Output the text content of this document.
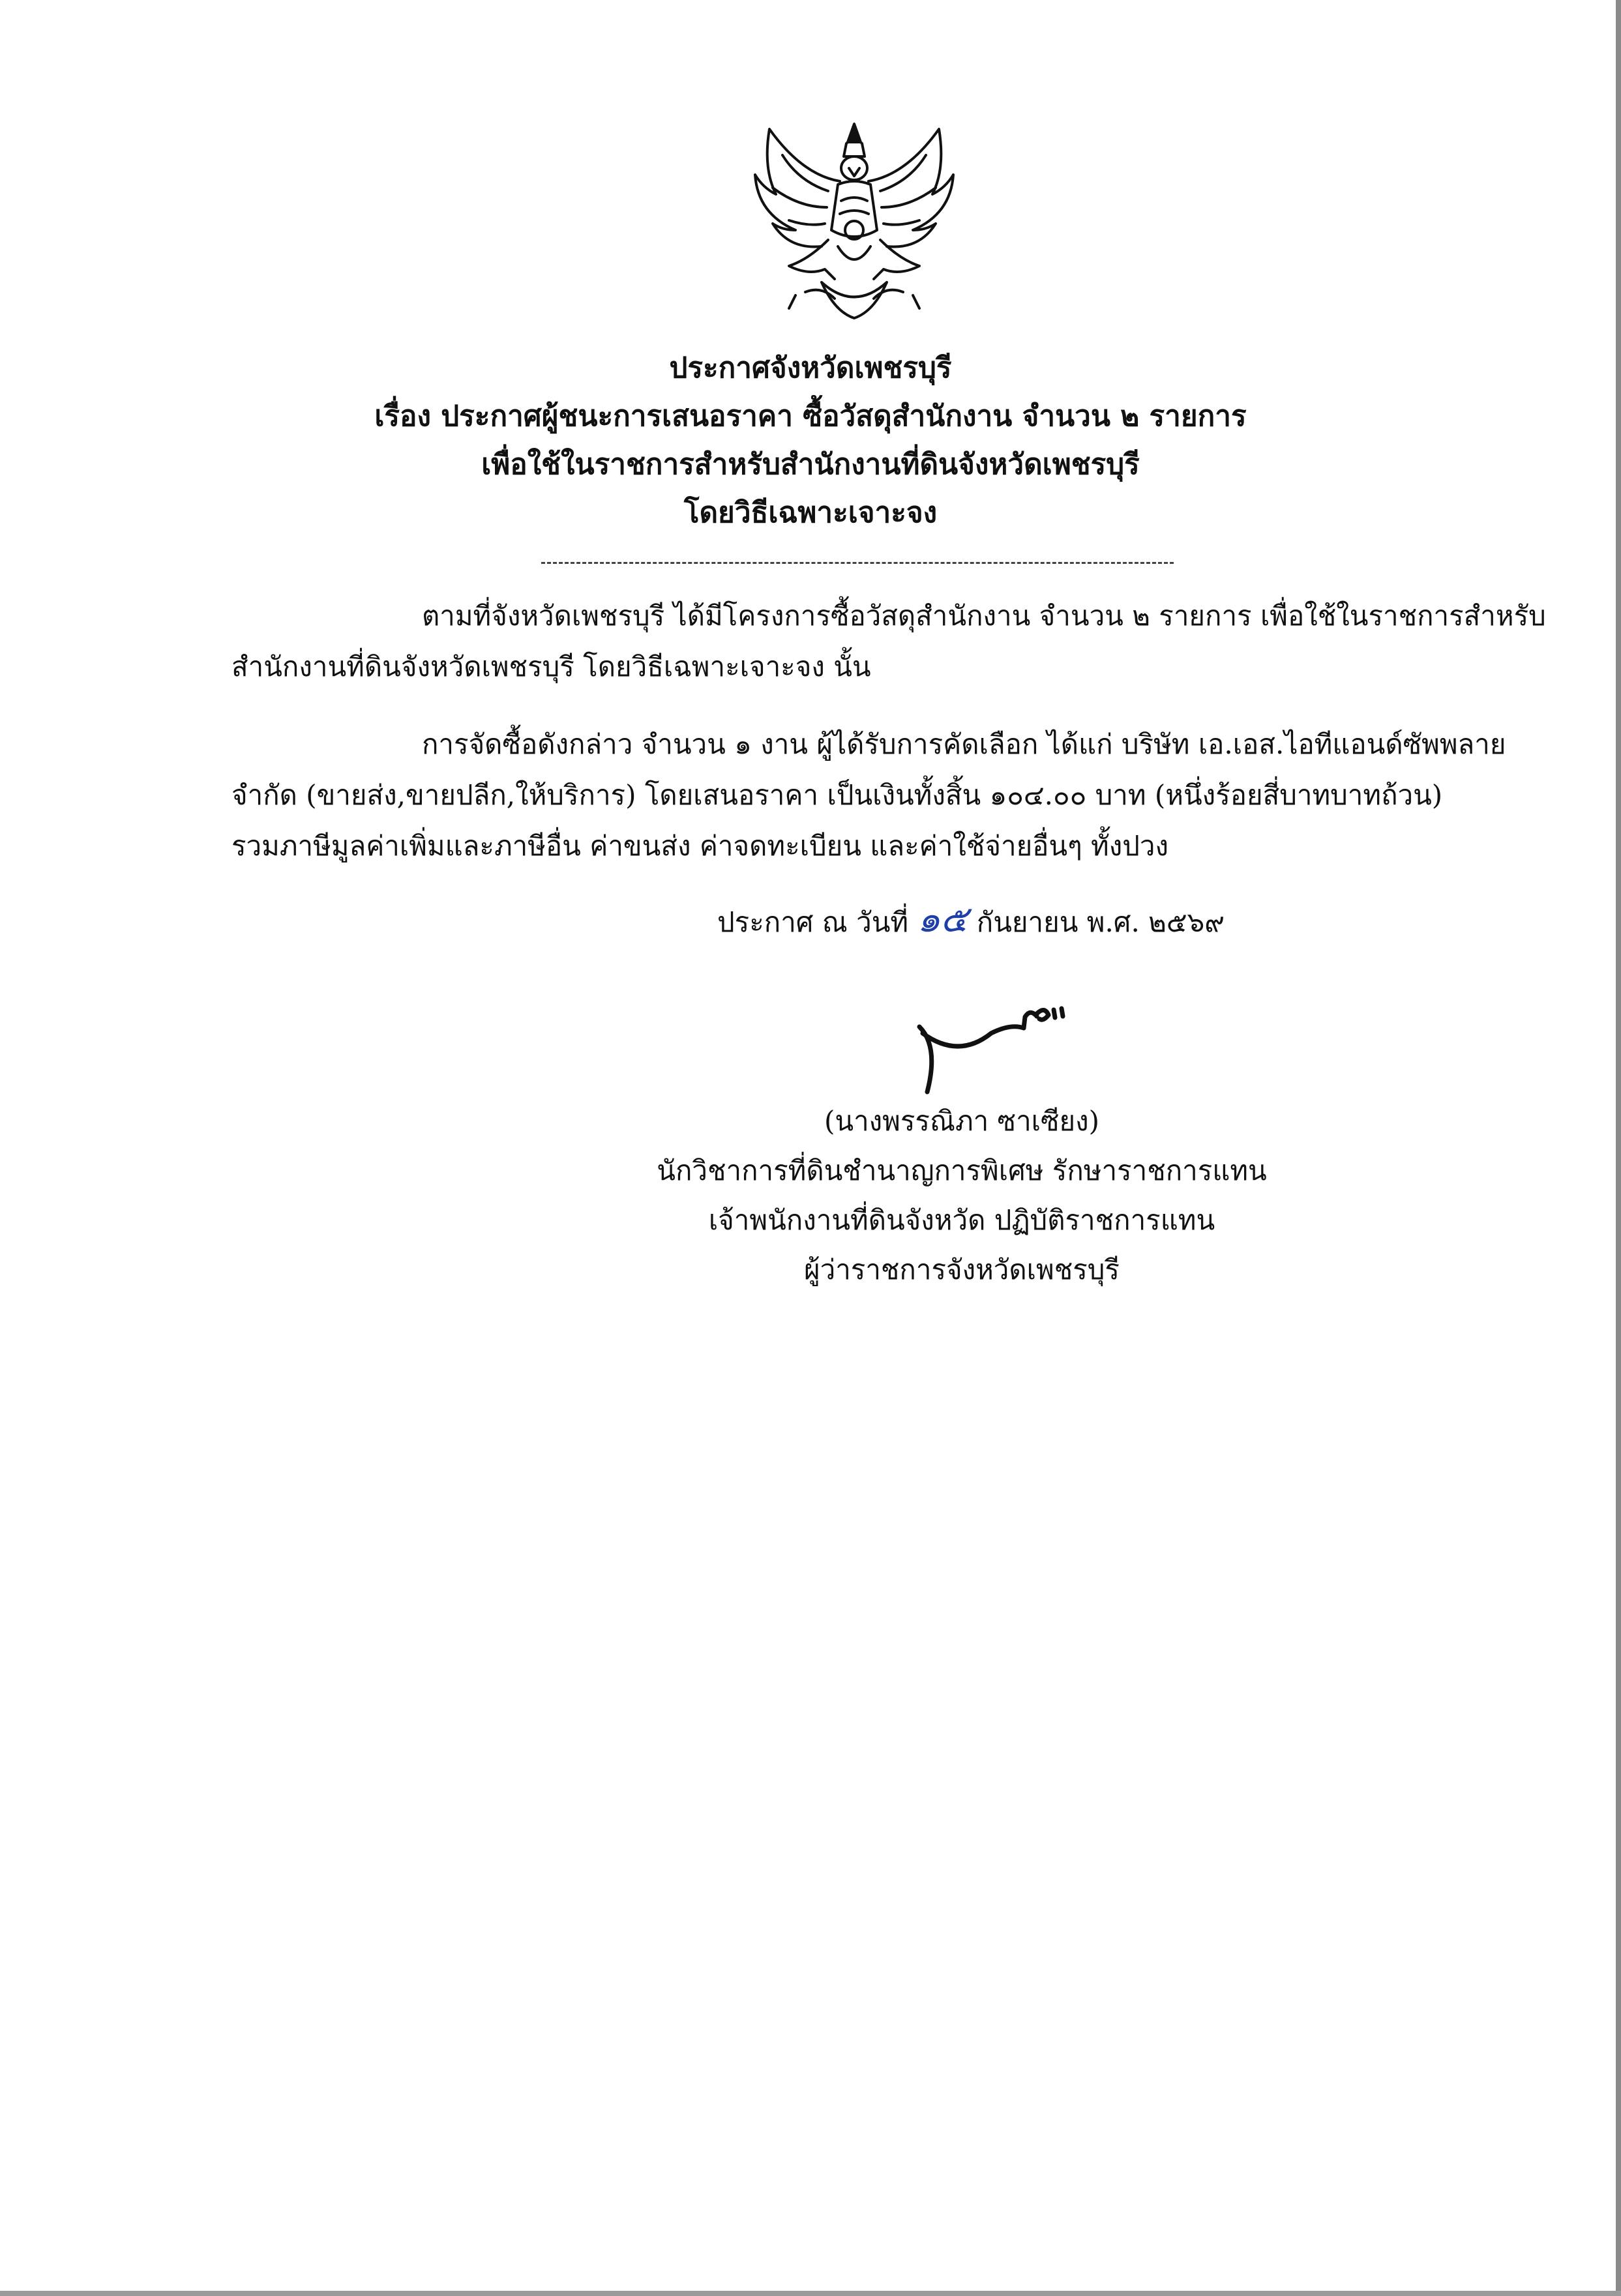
ประกาศจังหวัดเพชรบุรี
เรื่อง ประกาศผู้ชนะการเสนอราคา ซื้อวัสดุสำนักงาน จำนวน ๒ รายการ
เพื่อใช้ในราชการสำหรับสำนักงานที่ดินจังหวัดเพชรบุรี
โดยวิธีเฉพาะเจาะจง
ตามที่จังหวัดเพชรบุรี ได้มีโครงการซื้อวัสดุสำนักงาน จำนวน ๒ รายการ เพื่อใช้ในราชการสำหรับ
สำนักงานที่ดินจังหวัดเพชรบุรี โดยวิธีเฉพาะเจาะจง นั้น
การจัดซื้อดังกล่าว จำนวน ๑ งาน ผู้ได้รับการคัดเลือก ได้แก่ บริษัท เอ.เอส.ไอทีแอนด์ซัพพลาย
จำกัด (ขายส่ง,ขายปลีก,ให้บริการ) โดยเสนอราคา เป็นเงินทั้งสิ้น ๑๐๔.๐๐ บาท (หนึ่งร้อยสี่บาทบาทถ้วน)
รวมภาษีมูลค่าเพิ่มและภาษีอื่น ค่าขนส่ง ค่าจดทะเบียน และค่าใช้จ่ายอื่นๆ ทั้งปวง
ประกาศ ณ วันที่ ๑๕ กันยายน พ.ศ. ๒๕๖๙
(นางพรรณิภา ซาเซียง)
นักวิชาการที่ดินชำนาญการพิเศษ รักษาราชการแทน
เจ้าพนักงานที่ดินจังหวัด ปฏิบัติราชการแทน
ผู้ว่าราชการจังหวัดเพชรบุรี
